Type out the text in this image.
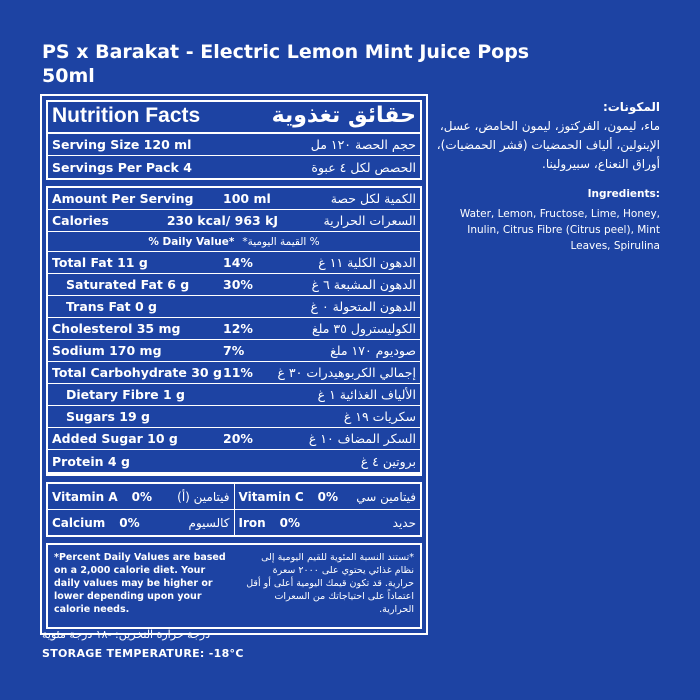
PS x Barakat - Electric Lemon Mint Juice Pops
50ml
Nutrition Facts	حقائق تغذوية
Serving Size 120 ml	حجم الحصة ١٢٠ مل
Servings Per Pack 4	الحصص لكل ٤ عبوة
Amount Per Serving 100 ml	الكمية لكل حصة
Calories	230 kcal/ 963 kJ	السعرات الحرارية
% Daily Value* % القيمة اليومية*
Total Fat 11 g	14%	الدهون الكلية ١١ غ
Saturated Fat 6 g	30%	الدهون المشبعة ٦ غ
Trans Fat 0 g	الدهون المتحولة ٠ غ
Cholesterol 35 mg	12%	الكوليسترول ٣٥ ملغ
Sodium 170 mg	7%	صوديوم ١٧٠ ملغ
Total Carbohydrate 30 g 11% إجمالي الكربوهيدرات ٣٠ غ
Dietary Fibre 1 g	الألياف الغذائية ١ غ
Sugars 19 g	سكريات ١٩ غ
Added Sugar 10 g	20%	السكر المضاف ١٠ غ
Protein 4 g	بروتين ٤ غ
Vitamin A 0% فيتامين (أ) Vitamin C 0% فيتامين سي
Calcium 0%	كالسيوم Iron 0%	حديد
*Percent Daily Values are based on a 2,000 calorie diet. Your daily values may be higher or lower depending upon your calorie needs.
*تستند النسبة المئوية للقيم اليومية إلى نظام غذائي يحتوي على ٢٠٠٠ سعرة حرارية. قد تكون قيمك اليومية أعلى أو أقل اعتماداً على احتياجاتك من السعرات الحرارية.
المكونات:
ماء، ليمون، الفركتوز، ليمون الحامض، عسل، الإينولين، ألياف الحمضيات (قشر الحمضيات)، أوراق النعناع، سبيرولينا.
Ingredients:
Water, Lemon, Fructose, Lime, Honey, Inulin, Citrus Fibre (Citrus peel), Mint Leaves, Spirulina
درجة حرارة التخزين: -١٨ درجة مئوية
STORAGE TEMPERATURE: -18°C
